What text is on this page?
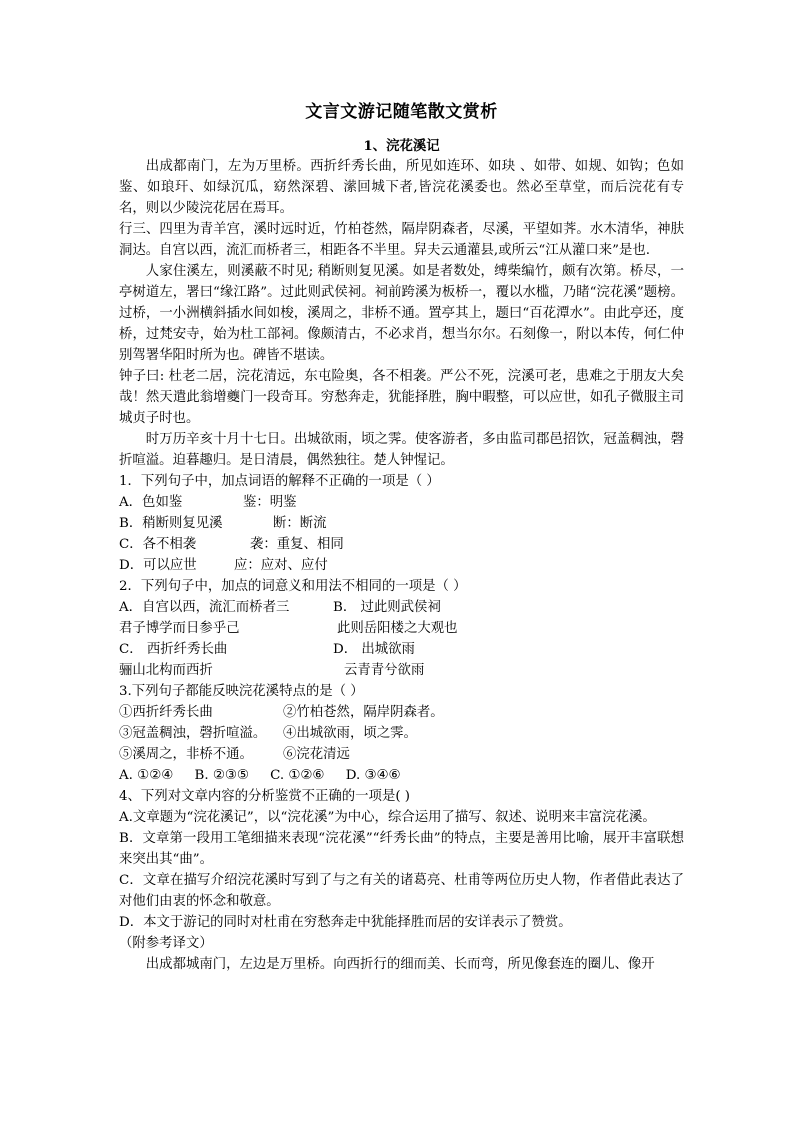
文言文游记随笔散文赏析
1、浣花溪记

出成都南门，左为万里桥。西折纤秀长曲，所见如连环、如玦 、如带、如规、如钩；色如鉴、如琅玕、如绿沉瓜，窈然深碧、潆回城下者,皆浣花溪委也。然必至草堂，而后浣花有专名，则以少陵浣花居在焉耳。

行三、四里为青羊宫，溪时远时近，竹柏苍然，隔岸阴森者，尽溪，平望如荠。水木清华，神肤洞达。自宫以西，流汇而桥者三，相距各不半里。舁夫云通灌县,或所云“江从灌口来”是也.

人家住溪左，则溪蔽不时见; 稍断则复见溪。如是者数处，缚柴编竹，颇有次第。桥尽，一亭树道左，署曰“缘江路”。过此则武侯祠。祠前跨溪为板桥一，覆以水槛，乃睹“浣花溪”题榜。过桥，一小洲横斜插水间如梭，溪周之，非桥不通。置亭其上，题曰“百花潭水”。由此亭还，度桥，过梵安寺，始为杜工部祠。像颇清古，不必求肖，想当尔尔。石刻像一，附以本传，何仁仲别驾署华阳时所为也。碑皆不堪读。

钟子曰: 杜老二居，浣花清远，东屯险奥，各不相袭。严公不死，浣溪可老，患难之于朋友大矣哉！然天遣此翁增夔门一段奇耳。穷愁奔走，犹能择胜，胸中暇整，可以应世，如孔子微服主司城贞子时也。

时万历辛亥十月十七日。出城欲雨，顷之霁。使客游者，多由监司郡邑招饮，冠盖稠浊，磬折喧溢。迫暮趣归。是日清晨，偶然独往。楚人钟惺记。

1．下列句子中，加点词语的解释不正确的一项是（ ）

A．色如鉴	鉴：明鉴
B．稍断则复见溪	断：断流
C．各不相袭	袭：重复、相同
D．可以应世	应：应对、应付

2．下列句子中，加点的词意义和用法不相同的一项是（ ）

A．自宫以西，流汇而桥者三	B． 过此则武侯祠
君子博学而日参乎己	此则岳阳楼之大观也
C． 西折纤秀长曲	D． 出城欲雨
骊山北构而西折	云青青兮欲雨

3.下列句子都能反映浣花溪特点的是（ ）

①西折纤秀长曲	②竹柏苍然，隔岸阴森者。
③冠盖稠浊，磬折喧溢。	④出城欲雨，顷之霁。
⑤溪周之，非桥不通。	⑥浣花清远

A. ①②④     B. ②③⑤     C. ①②⑥     D. ③④⑥

4、下列对文章内容的分析鉴赏不正确的一项是( )

A.文章题为“浣花溪记”，以“浣花溪”为中心，综合运用了描写、叙述、说明来丰富浣花溪。

B．文章第一段用工笔细描来表现“浣花溪”“纤秀长曲”的特点，主要是善用比喻，展开丰富联想来突出其“曲”。

C．文章在描写介绍浣花溪时写到了与之有关的诸葛亮、杜甫等两位历史人物，作者借此表达了对他们由衷的怀念和敬意。

D．本文于游记的同时对杜甫在穷愁奔走中犹能择胜而居的安详表示了赞赏。

（附参考译文）

出成都城南门，左边是万里桥。向西折行的细而美、长而弯，所见像套连的圈儿、像开
